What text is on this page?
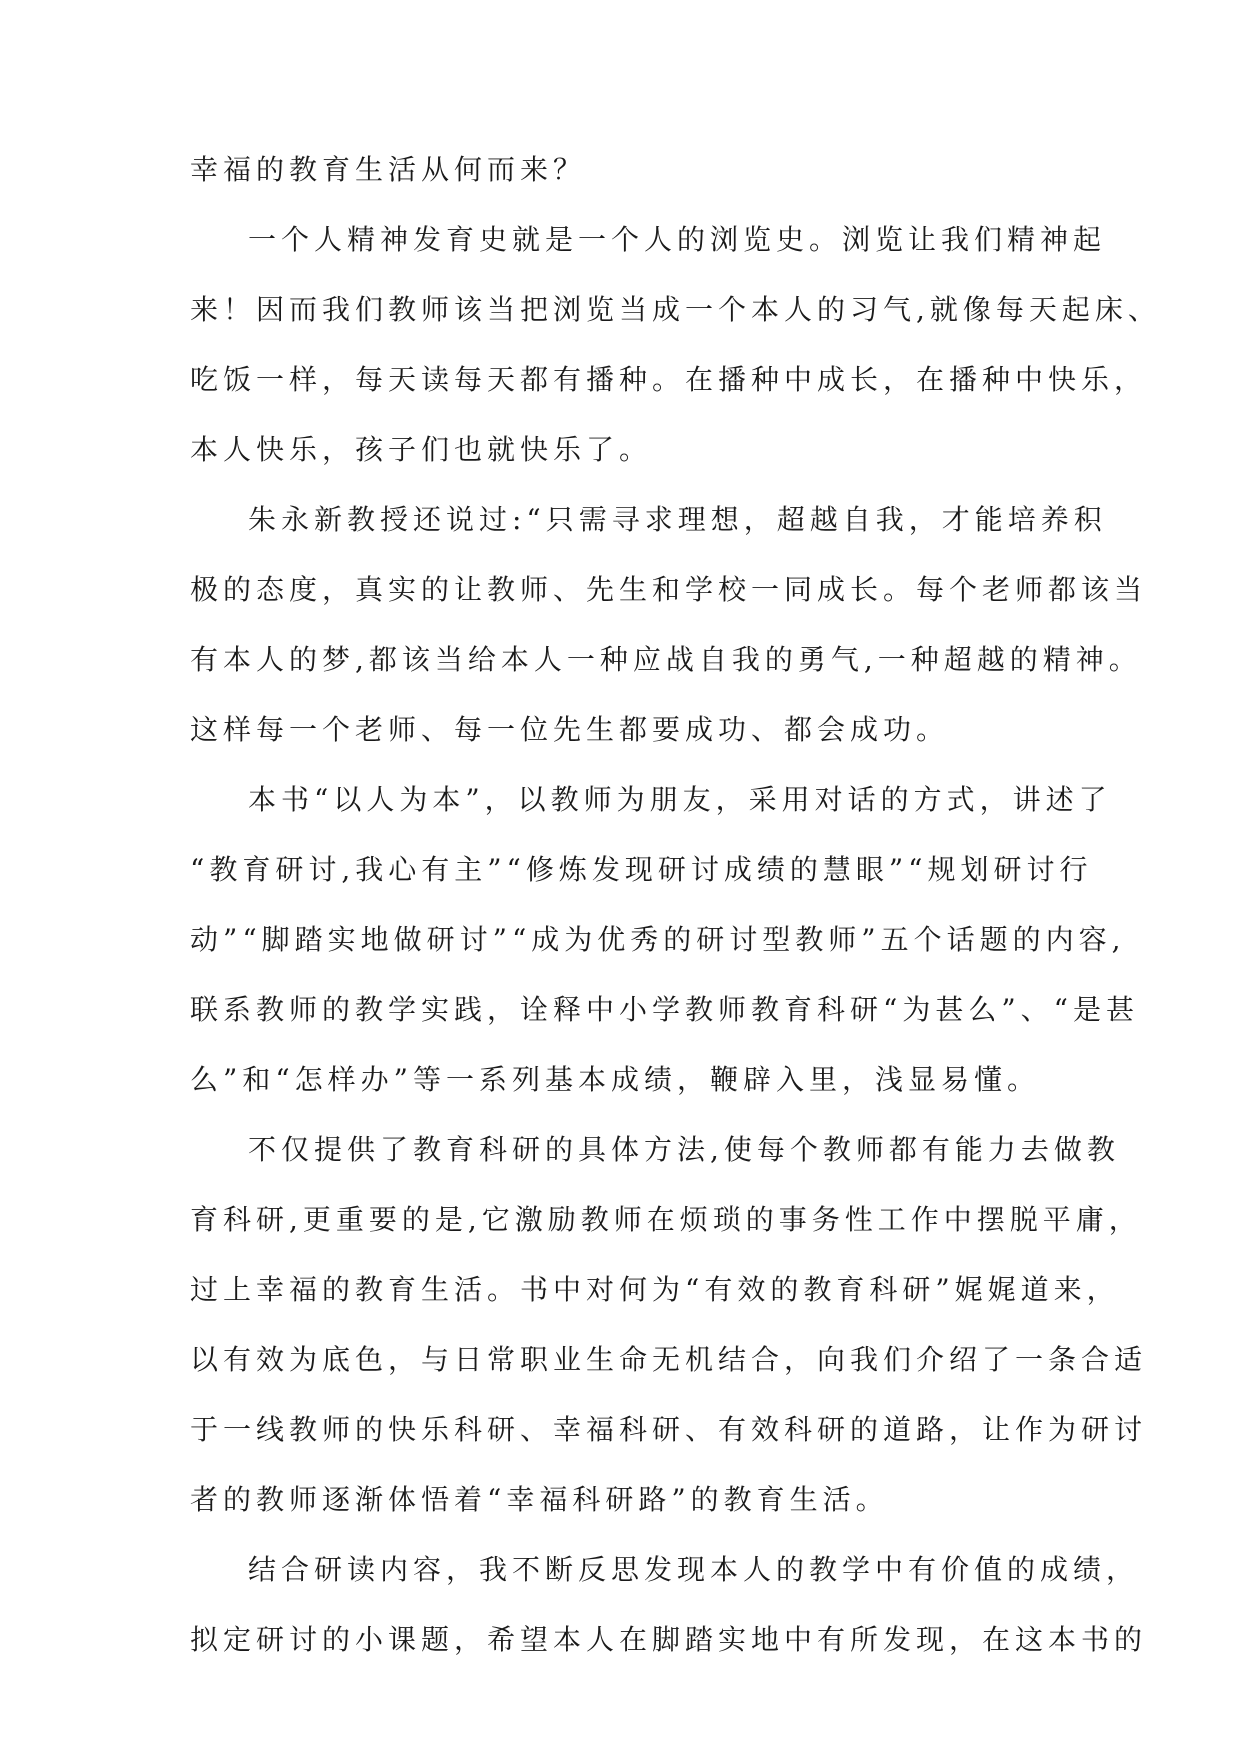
幸福的教育生活从何而来？
一个人精神发育史就是一个人的浏览史。浏览让我们精神起
来！因而我们教师该当把浏览当成一个本人的习气,就像每天起床、
吃饭一样，每天读每天都有播种。在播种中成长，在播种中快乐，
本人快乐，孩子们也就快乐了。
朱永新教授还说过:“只需寻求理想，超越自我，才能培养积
极的态度，真实的让教师、先生和学校一同成长。每个老师都该当
有本人的梦,都该当给本人一种应战自我的勇气,一种超越的精神。
这样每一个老师、每一位先生都要成功、都会成功。
本书“以人为本”，以教师为朋友，采用对话的方式，讲述了
“教育研讨,我心有主”“修炼发现研讨成绩的慧眼”“规划研讨行
动”“脚踏实地做研讨”“成为优秀的研讨型教师”五个话题的内容,
联系教师的教学实践，诠释中小学教师教育科研“为甚么”、“是甚
么”和“怎样办”等一系列基本成绩，鞭辟入里，浅显易懂。
不仅提供了教育科研的具体方法,使每个教师都有能力去做教
育科研,更重要的是,它激励教师在烦琐的事务性工作中摆脱平庸，
过上幸福的教育生活。书中对何为“有效的教育科研”娓娓道来，
以有效为底色，与日常职业生命无机结合，向我们介绍了一条合适
于一线教师的快乐科研、幸福科研、有效科研的道路，让作为研讨
者的教师逐渐体悟着“幸福科研路”的教育生活。
结合研读内容，我不断反思发现本人的教学中有价值的成绩，
拟定研讨的小课题，希望本人在脚踏实地中有所发现，在这本书的
